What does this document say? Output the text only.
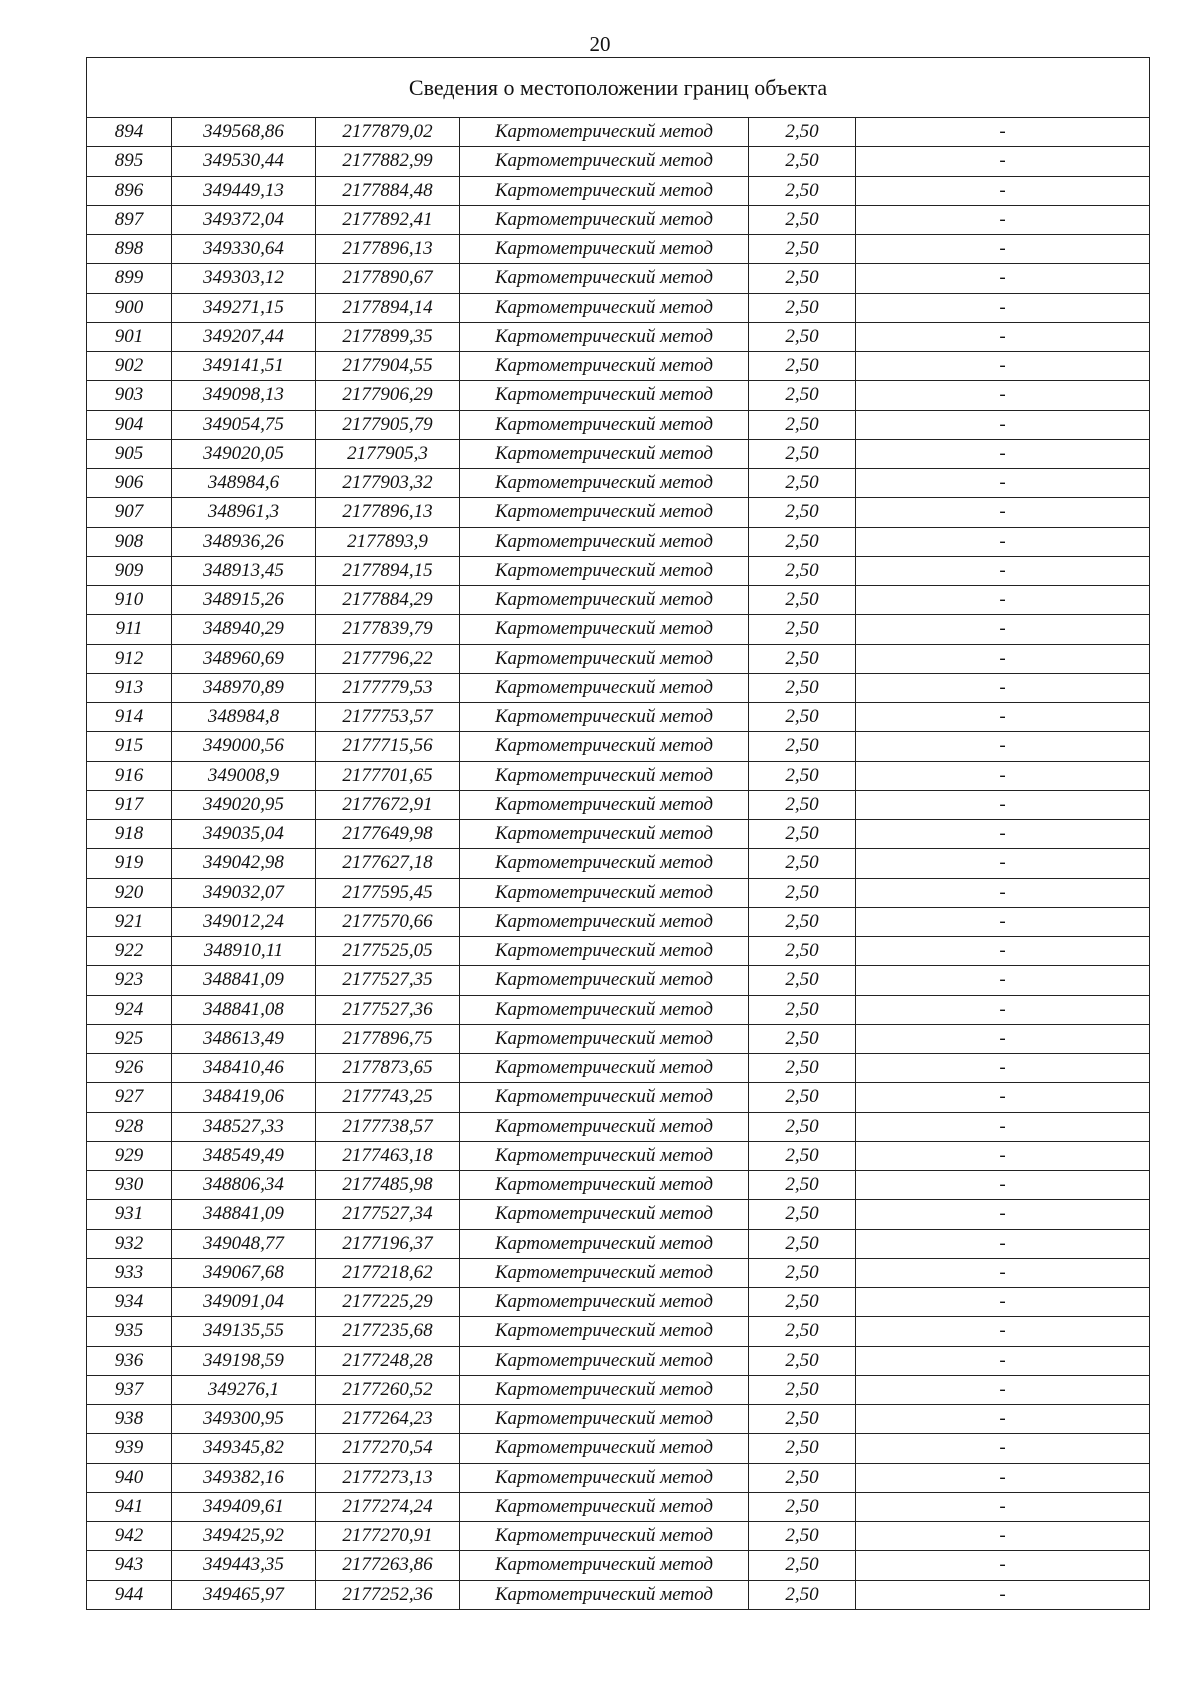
20
Сведения о местоположении границ объекта					
894	349568,86	2177879,02	Картометрический метод	2,50	-
895	349530,44	2177882,99	Картометрический метод	2,50	-
896	349449,13	2177884,48	Картометрический метод	2,50	-
897	349372,04	2177892,41	Картометрический метод	2,50	-
898	349330,64	2177896,13	Картометрический метод	2,50	-
899	349303,12	2177890,67	Картометрический метод	2,50	-
900	349271,15	2177894,14	Картометрический метод	2,50	-
901	349207,44	2177899,35	Картометрический метод	2,50	-
902	349141,51	2177904,55	Картометрический метод	2,50	-
903	349098,13	2177906,29	Картометрический метод	2,50	-
904	349054,75	2177905,79	Картометрический метод	2,50	-
905	349020,05	2177905,3	Картометрический метод	2,50	-
906	348984,6	2177903,32	Картометрический метод	2,50	-
907	348961,3	2177896,13	Картометрический метод	2,50	-
908	348936,26	2177893,9	Картометрический метод	2,50	-
909	348913,45	2177894,15	Картометрический метод	2,50	-
910	348915,26	2177884,29	Картометрический метод	2,50	-
911	348940,29	2177839,79	Картометрический метод	2,50	-
912	348960,69	2177796,22	Картометрический метод	2,50	-
913	348970,89	2177779,53	Картометрический метод	2,50	-
914	348984,8	2177753,57	Картометрический метод	2,50	-
915	349000,56	2177715,56	Картометрический метод	2,50	-
916	349008,9	2177701,65	Картометрический метод	2,50	-
917	349020,95	2177672,91	Картометрический метод	2,50	-
918	349035,04	2177649,98	Картометрический метод	2,50	-
919	349042,98	2177627,18	Картометрический метод	2,50	-
920	349032,07	2177595,45	Картометрический метод	2,50	-
921	349012,24	2177570,66	Картометрический метод	2,50	-
922	348910,11	2177525,05	Картометрический метод	2,50	-
923	348841,09	2177527,35	Картометрический метод	2,50	-
924	348841,08	2177527,36	Картометрический метод	2,50	-
925	348613,49	2177896,75	Картометрический метод	2,50	-
926	348410,46	2177873,65	Картометрический метод	2,50	-
927	348419,06	2177743,25	Картометрический метод	2,50	-
928	348527,33	2177738,57	Картометрический метод	2,50	-
929	348549,49	2177463,18	Картометрический метод	2,50	-
930	348806,34	2177485,98	Картометрический метод	2,50	-
931	348841,09	2177527,34	Картометрический метод	2,50	-
932	349048,77	2177196,37	Картометрический метод	2,50	-
933	349067,68	2177218,62	Картометрический метод	2,50	-
934	349091,04	2177225,29	Картометрический метод	2,50	-
935	349135,55	2177235,68	Картометрический метод	2,50	-
936	349198,59	2177248,28	Картометрический метод	2,50	-
937	349276,1	2177260,52	Картометрический метод	2,50	-
938	349300,95	2177264,23	Картометрический метод	2,50	-
939	349345,82	2177270,54	Картометрический метод	2,50	-
940	349382,16	2177273,13	Картометрический метод	2,50	-
941	349409,61	2177274,24	Картометрический метод	2,50	-
942	349425,92	2177270,91	Картометрический метод	2,50	-
943	349443,35	2177263,86	Картометрический метод	2,50	-
944	349465,97	2177252,36	Картометрический метод	2,50	-
